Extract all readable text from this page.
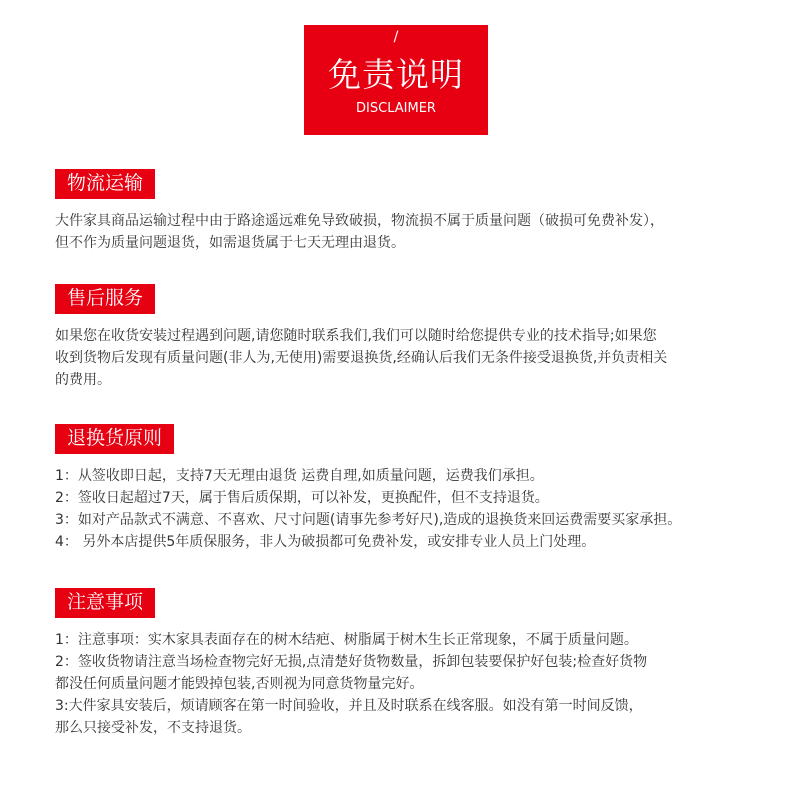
/
免责说明
DISCLAIMER
物流运输
大件家具商品运输过程中由于路途遥远难免导致破损，物流损不属于质量问题（破损可免费补发），
但不作为质量问题退货，如需退货属于七天无理由退货。
售后服务
如果您在收货安装过程遇到问题,请您随时联系我们,我们可以随时给您提供专业的技术指导;如果您
收到货物后发现有质量问题(非人为,无使用)需要退换货,经确认后我们无条件接受退换货,并负责相关
的费用。
退换货原则
1：从签收即日起，支持7天无理由退货 运费自理,如质量问题，运费我们承担。
2：签收日起超过7天，属于售后质保期，可以补发，更换配件，但不支持退货。
3：如对产品款式不满意、不喜欢、尺寸问题(请事先参考好尺),造成的退换货来回运费需要买家承担。
4： 另外本店提供5年质保服务，非人为破损都可免费补发，或安排专业人员上门处理。
注意事项
1：注意事项：实木家具表面存在的树木结疤、树脂属于树木生长正常现象，不属于质量问题。
2：签收货物请注意当场检查物完好无损,点清楚好货物数量，拆卸包装要保护好包装;检查好货物
都没任何质量问题才能毁掉包装,否则视为同意货物量完好。
3:大件家具安装后，烦请顾客在第一时间验收，并且及时联系在线客服。如没有第一时间反馈，
那么只接受补发，不支持退货。
